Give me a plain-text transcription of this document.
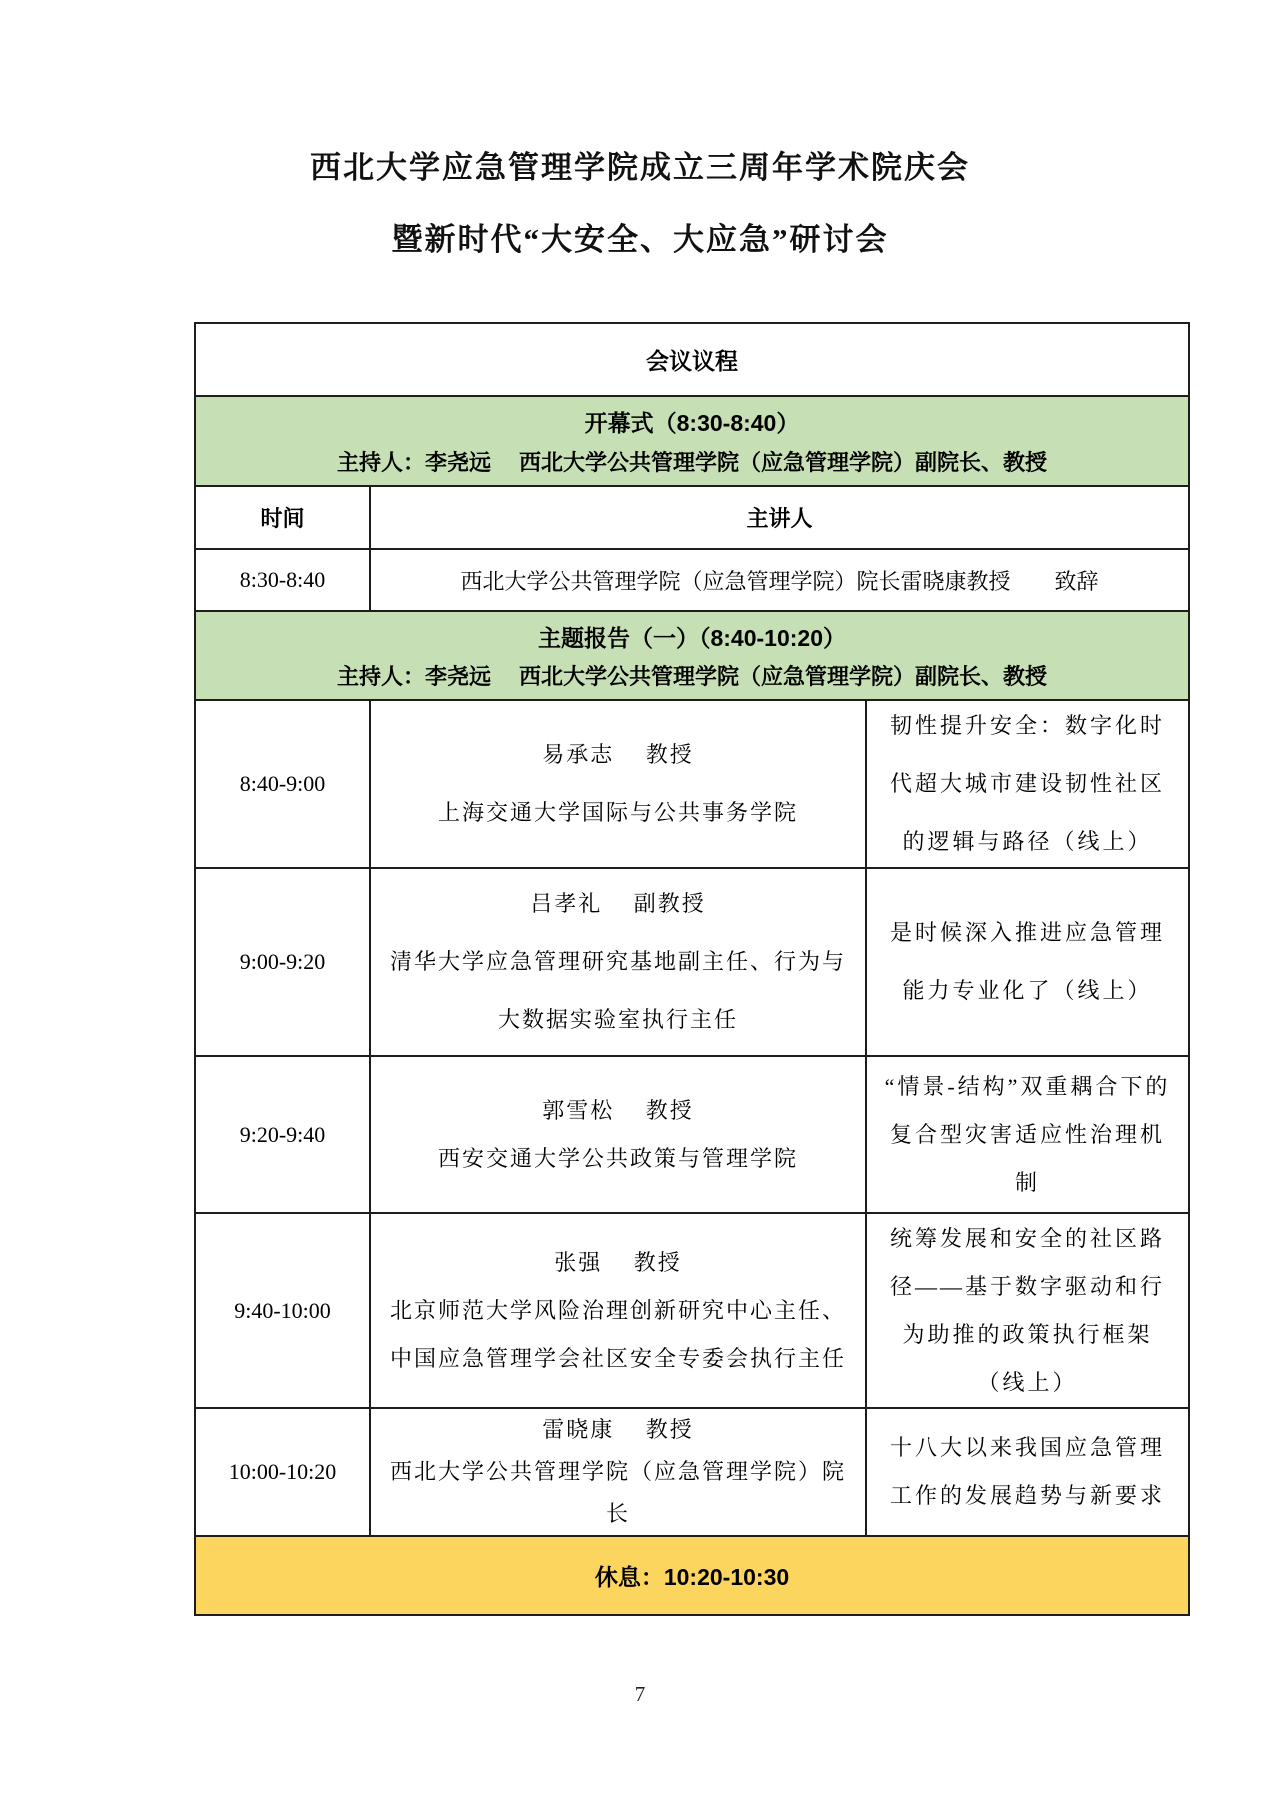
西北大学应急管理学院成立三周年学术院庆会
暨新时代“大安全、大应急”研讨会
会议议程
开幕式（8:30-8:40）
主持人：李尧远　 西北大学公共管理学院（应急管理学院）副院长、教授
时间	主讲人
8:30-8:40	西北大学公共管理学院（应急管理学院）院长雷晓康教授　　致辞
主题报告（一）（8:40-10:20）
主持人：李尧远　 西北大学公共管理学院（应急管理学院）副院长、教授
8:40-9:00
易承志　 教授
上海交通大学国际与公共事务学院
韧性提升安全：数字化时代超大城市建设韧性社区的逻辑与路径（线上）
9:00-9:20
吕孝礼　 副教授
清华大学应急管理研究基地副主任、行为与大数据实验室执行主任
是时候深入推进应急管理能力专业化了（线上）
9:20-9:40
郭雪松　 教授
西安交通大学公共政策与管理学院
“情景-结构”双重耦合下的复合型灾害适应性治理机制
9:40-10:00
张强　 教授
北京师范大学风险治理创新研究中心主任、中国应急管理学会社区安全专委会执行主任
统筹发展和安全的社区路径——基于数字驱动和行为助推的政策执行框架（线上）
10:00-10:20
雷晓康　 教授
西北大学公共管理学院（应急管理学院）院长
十八大以来我国应急管理工作的发展趋势与新要求
休息：10:20-10:30
7
